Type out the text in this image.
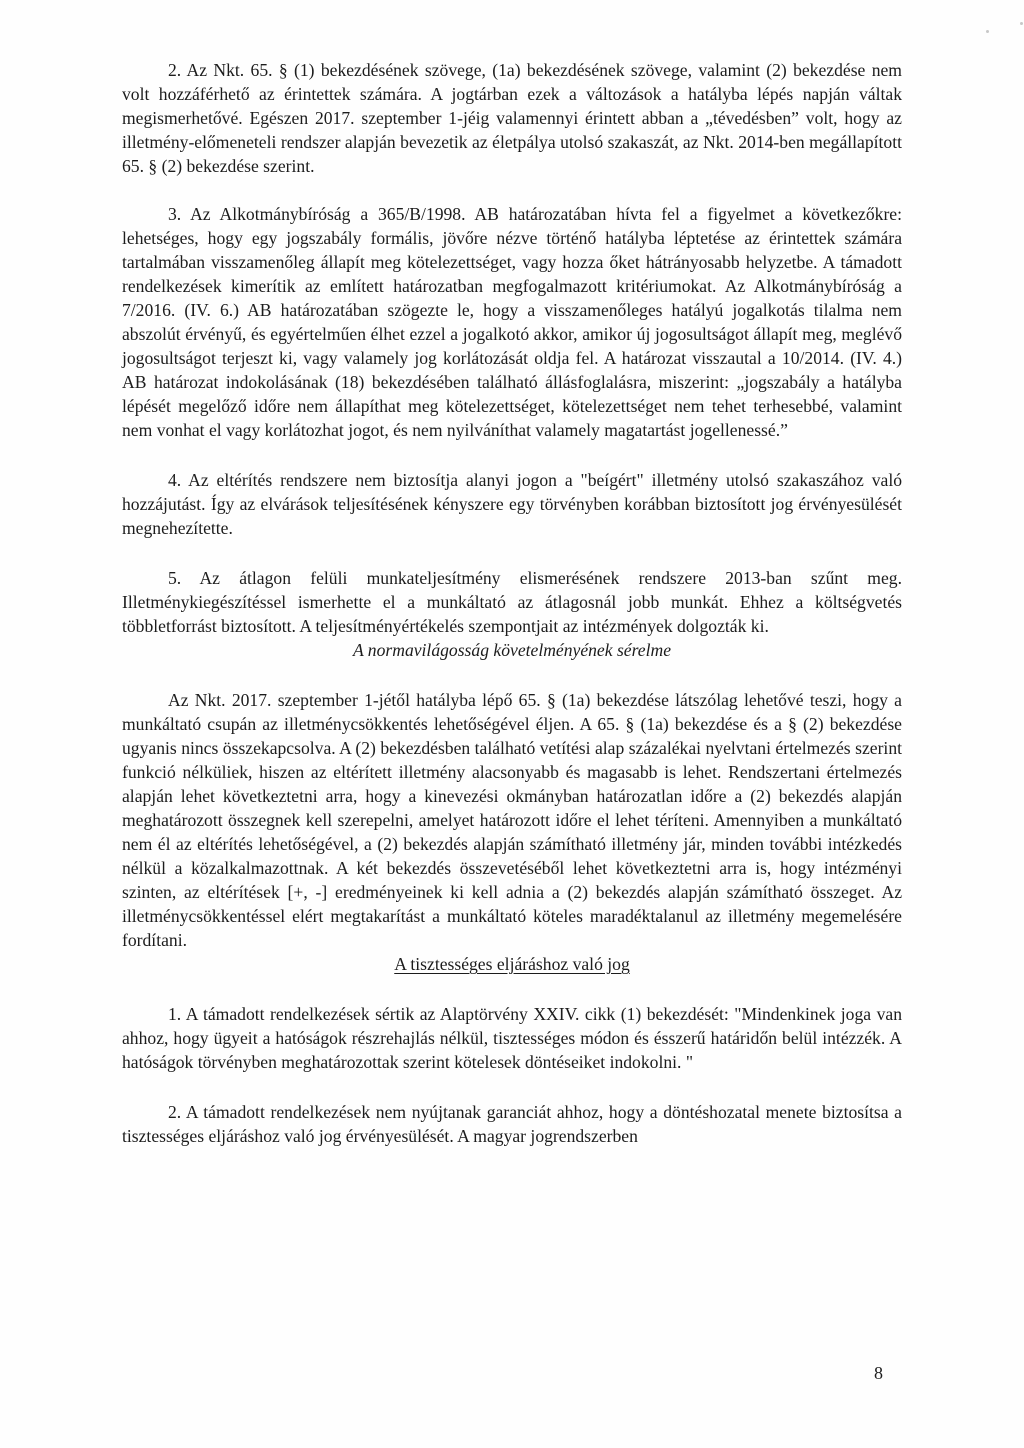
2. Az Nkt. 65. § (1) bekezdésének szövege, (1a) bekezdésének szövege, valamint (2) bekezdése nem volt hozzáférhető az érintettek számára. A jogtárban ezek a változások a hatályba lépés napján váltak megismerhetővé. Egészen 2017. szeptember 1-jéig valamennyi érintett abban a „tévedésben” volt, hogy az illetmény-előmeneteli rendszer alapján bevezetik az életpálya utolsó szakaszát, az Nkt. 2014-ben megállapított 65. § (2) bekezdése szerint.

3. Az Alkotmánybíróság a 365/B/1998. AB határozatában hívta fel a figyelmet a következőkre: lehetséges, hogy egy jogszabály formális, jövőre nézve történő hatályba léptetése az érintettek számára tartalmában visszamenőleg állapít meg kötelezettséget, vagy hozza őket hátrányosabb helyzetbe. A támadott rendelkezések kimerítik az említett határozatban megfogalmazott kritériumokat. Az Alkotmánybíróság a 7/2016. (IV. 6.) AB határozatában szögezte le, hogy a visszamenőleges hatályú jogalkotás tilalma nem abszolút érvényű, és egyértelműen élhet ezzel a jogalkotó akkor, amikor új jogosultságot állapít meg, meglévő jogosultságot terjeszt ki, vagy valamely jog korlátozását oldja fel. A határozat visszautal a 10/2014. (IV. 4.) AB határozat indokolásának (18) bekezdésében található állásfoglalásra, miszerint: „jogszabály a hatályba lépését megelőző időre nem állapíthat meg kötelezettséget, kötelezettséget nem tehet terhesebbé, valamint nem vonhat el vagy korlátozhat jogot, és nem nyilváníthat valamely magatartást jogellenessé.”

4. Az eltérítés rendszere nem biztosítja alanyi jogon a "beígért" illetmény utolsó szakaszához való hozzájutást. Így az elvárások teljesítésének kényszere egy törvényben korábban biztosított jog érvényesülését megnehezítette.

5. Az átlagon felüli munkateljesítmény elismerésének rendszere 2013-ban szűnt meg. Illetménykiegészítéssel ismerhette el a munkáltató az átlagosnál jobb munkát. Ehhez a költségvetés többletforrást biztosított. A teljesítményértékelés szempontjait az intézmények dolgozták ki.

A normavilágosság követelményének sérelme

Az Nkt. 2017. szeptember 1-jétől hatályba lépő 65. § (1a) bekezdése látszólag lehetővé teszi, hogy a munkáltató csupán az illetménycsökkentés lehetőségével éljen. A 65. § (1a) bekezdése és a § (2) bekezdése ugyanis nincs összekapcsolva. A (2) bekezdésben található vetítési alap százalékai nyelvtani értelmezés szerint funkció nélküliek, hiszen az eltérített illetmény alacsonyabb és magasabb is lehet. Rendszertani értelmezés alapján lehet következtetni arra, hogy a kinevezési okmányban határozatlan időre a (2) bekezdés alapján meghatározott összegnek kell szerepelni, amelyet határozott időre el lehet téríteni. Amennyiben a munkáltató nem él az eltérítés lehetőségével, a (2) bekezdés alapján számítható illetmény jár, minden további intézkedés nélkül a közalkalmazottnak. A két bekezdés összevetéséből lehet következtetni arra is, hogy intézményi szinten, az eltérítések [+, -] eredményeinek ki kell adnia a (2) bekezdés alapján számítható összeget. Az illetménycsökkentéssel elért megtakarítást a munkáltató köteles maradéktalanul az illetmény megemelésére fordítani.

A tisztességes eljáráshoz való jog

1. A támadott rendelkezések sértik az Alaptörvény XXIV. cikk (1) bekezdését: "Mindenkinek joga van ahhoz, hogy ügyeit a hatóságok részrehajlás nélkül, tisztességes módon és ésszerű határidőn belül intézzék. A hatóságok törvényben meghatározottak szerint kötelesek döntéseiket indokolni. "

2. A támadott rendelkezések nem nyújtanak garanciát ahhoz, hogy a döntéshozatal menete biztosítsa a tisztességes eljáráshoz való jog érvényesülését. A magyar jogrendszerben

8
